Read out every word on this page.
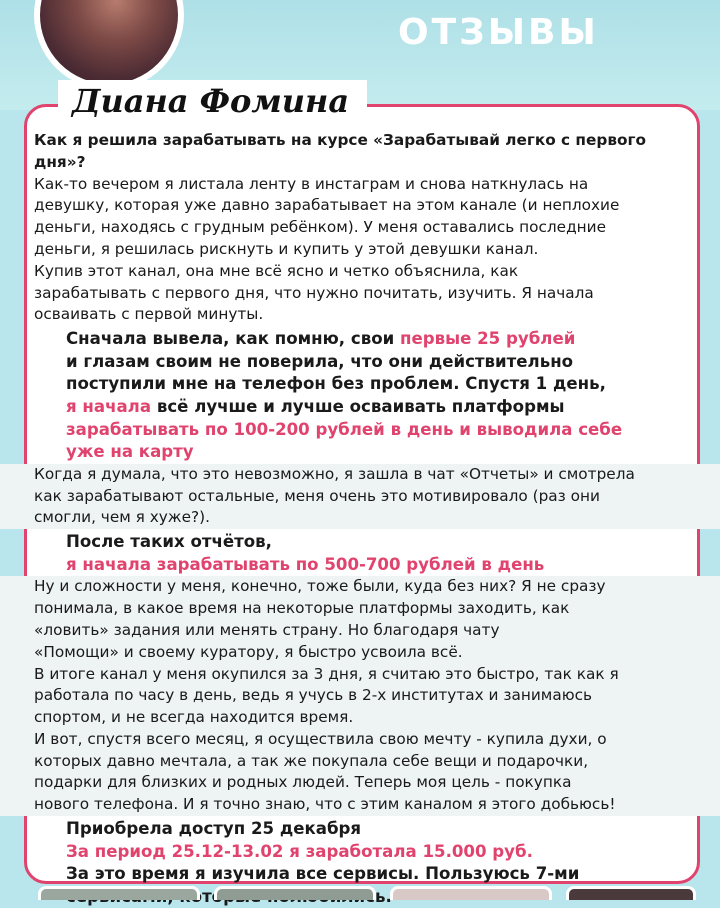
ОТЗЫВЫ
Диана Фомина

Как я решила зарабатывать на курсе «Зарабатывай легко с первого дня»?

Как-то вечером я листала ленту в инстаграм и снова наткнулась на

девушку, которая уже давно зарабатывает на этом канале (и неплохие

деньги, находясь с грудным ребёнком). У меня оставались последние

деньги, я решилась рискнуть и купить у этой девушки канал.

Купив этот канал, она мне всё ясно и четко объяснила, как

зарабатывать с первого дня, что нужно почитать, изучить. Я начала

осваивать с первой минуты.

Сначала вывела, как помню, свои первые 25 рублей

и глазам своим не поверила, что они действительно

поступили мне на телефон без проблем. Спустя 1 день,

я начала всё лучше и лучше осваивать платформы

зарабатывать по 100-200 рублей в день и выводила себе

уже на карту

Когда я думала, что это невозможно, я зашла в чат «Отчеты» и смотрела

как зарабатывают остальные, меня очень это мотивировало (раз они

смогли, чем я хуже?).

После таких отчётов,

я начала зарабатывать по 500-700 рублей в день

Ну и сложности у меня, конечно, тоже были, куда без них? Я не сразу

понимала, в какое время на некоторые платформы заходить, как

«ловить» задания или менять страну. Но благодаря чату

«Помощи» и своему куратору, я быстро усвоила всё.

В итоге канал у меня окупился за 3 дня, я считаю это быстро, так как я

работала по часу в день, ведь я учусь в 2-х институтах и занимаюсь

спортом, и не всегда находится время.

И вот, спустя всего месяц, я осуществила свою мечту - купила духи, о

которых давно мечтала, а так же покупала себе вещи и подарочки,

подарки для близких и родных людей. Теперь моя цель - покупка

нового телефона. И я точно знаю, что с этим каналом я этого добьюсь!

Приобрела доступ 25 декабря

За период 25.12-13.02 я заработала 15.000 руб.

За это время я изучила все сервисы. Пользуюсь 7-ми
